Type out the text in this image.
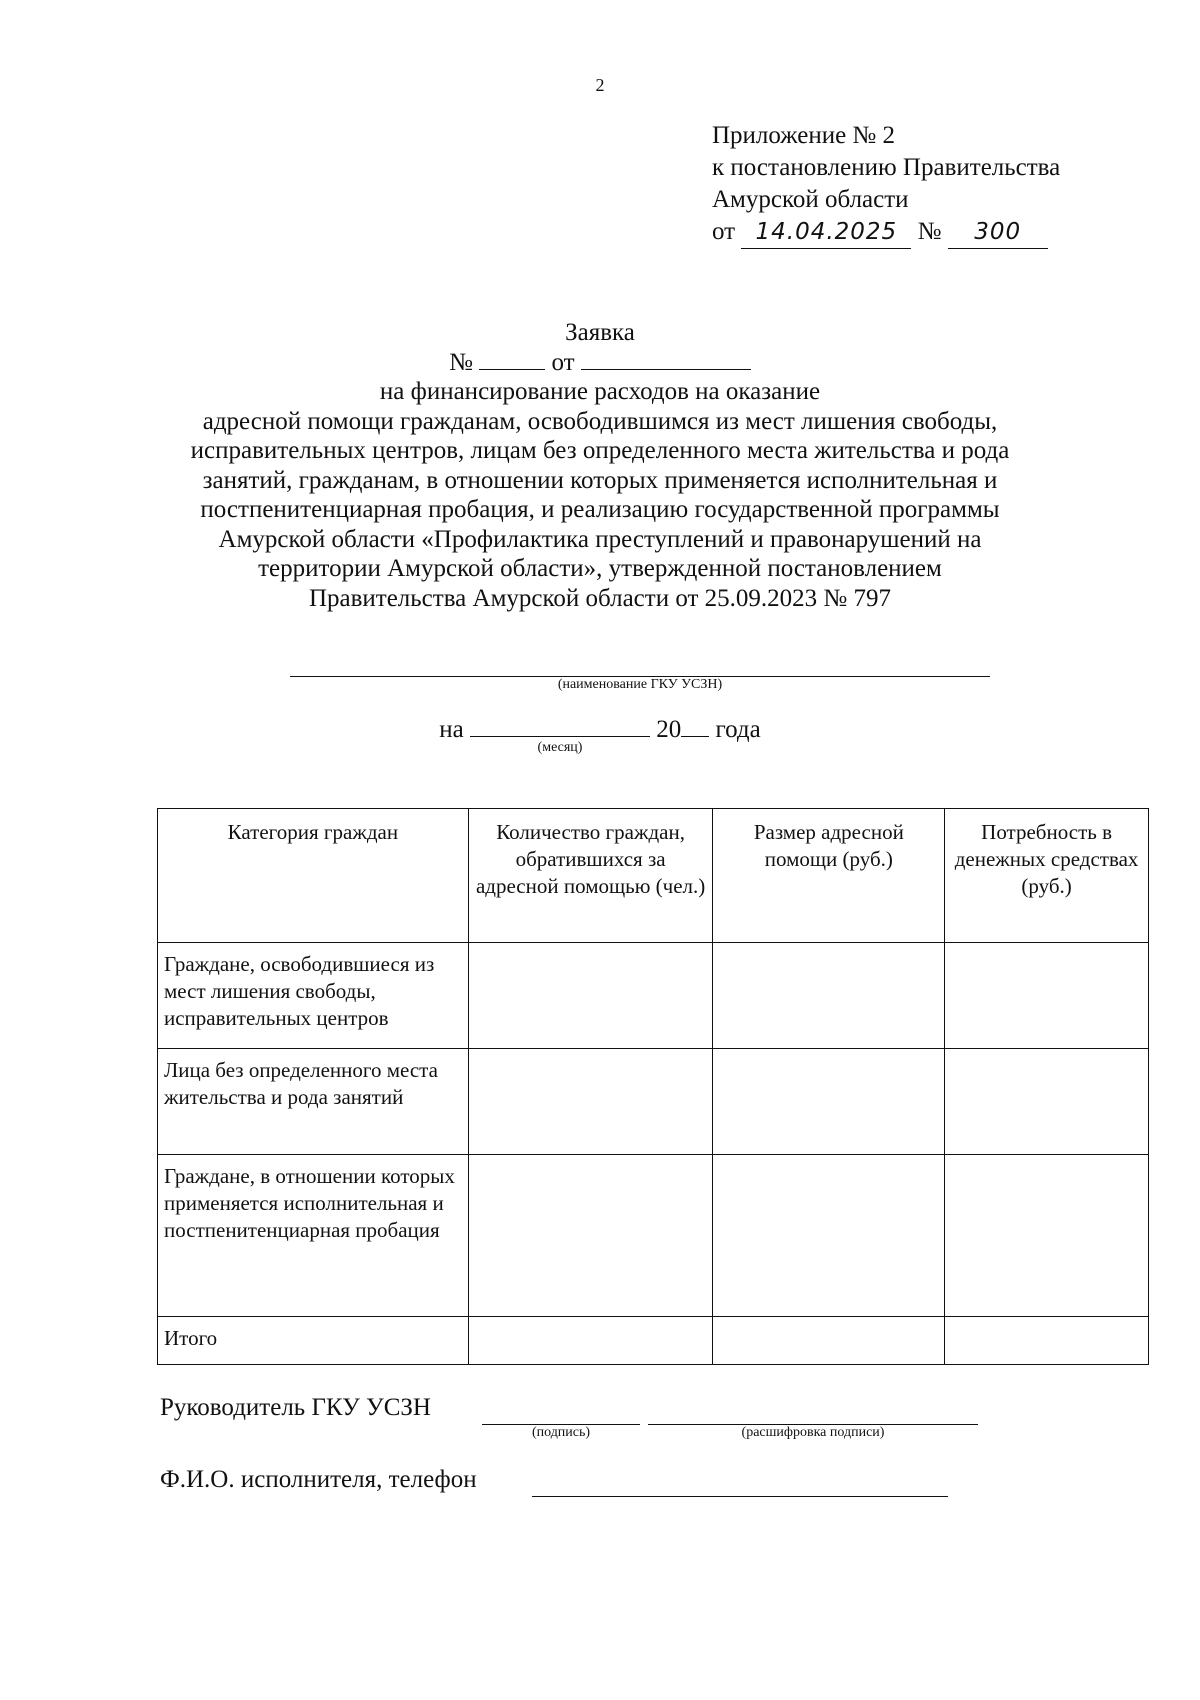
2
Приложение № 2
к постановлению Правительства
Амурской области
от 14.04.2025 № 300
Заявка
№	от
на финансирование расходов на оказание
адресной помощи гражданам, освободившимся из мест лишения свободы,
исправительных центров, лицам без определенного места жительства и рода
занятий, гражданам, в отношении которых применяется исполнительная и
постпенитенциарная пробация, и реализацию государственной программы
Амурской области «Профилактика преступлений и правонарушений на
территории Амурской области», утвержденной постановлением
Правительства Амурской области от 25.09.2023 № 797
(наименование ГКУ УСЗН)
на
(месяц)
20 года
Категория граждан	Количество граждан, обратившихся за адресной помощью (чел.)	Размер адресной помощи (руб.)	Потребность в денежных средствах (руб.)
Граждане, освободившиеся из мест лишения свободы, исправительных центров			
Лица без определенного места жительства и рода занятий			
Граждане, в отношении которых применяется исполнительная и постпенитенциарная пробация			
Итого			
Руководитель ГКУ УСЗН
(подпись)	(расшифровка подписи)
Ф.И.О. исполнителя, телефон
